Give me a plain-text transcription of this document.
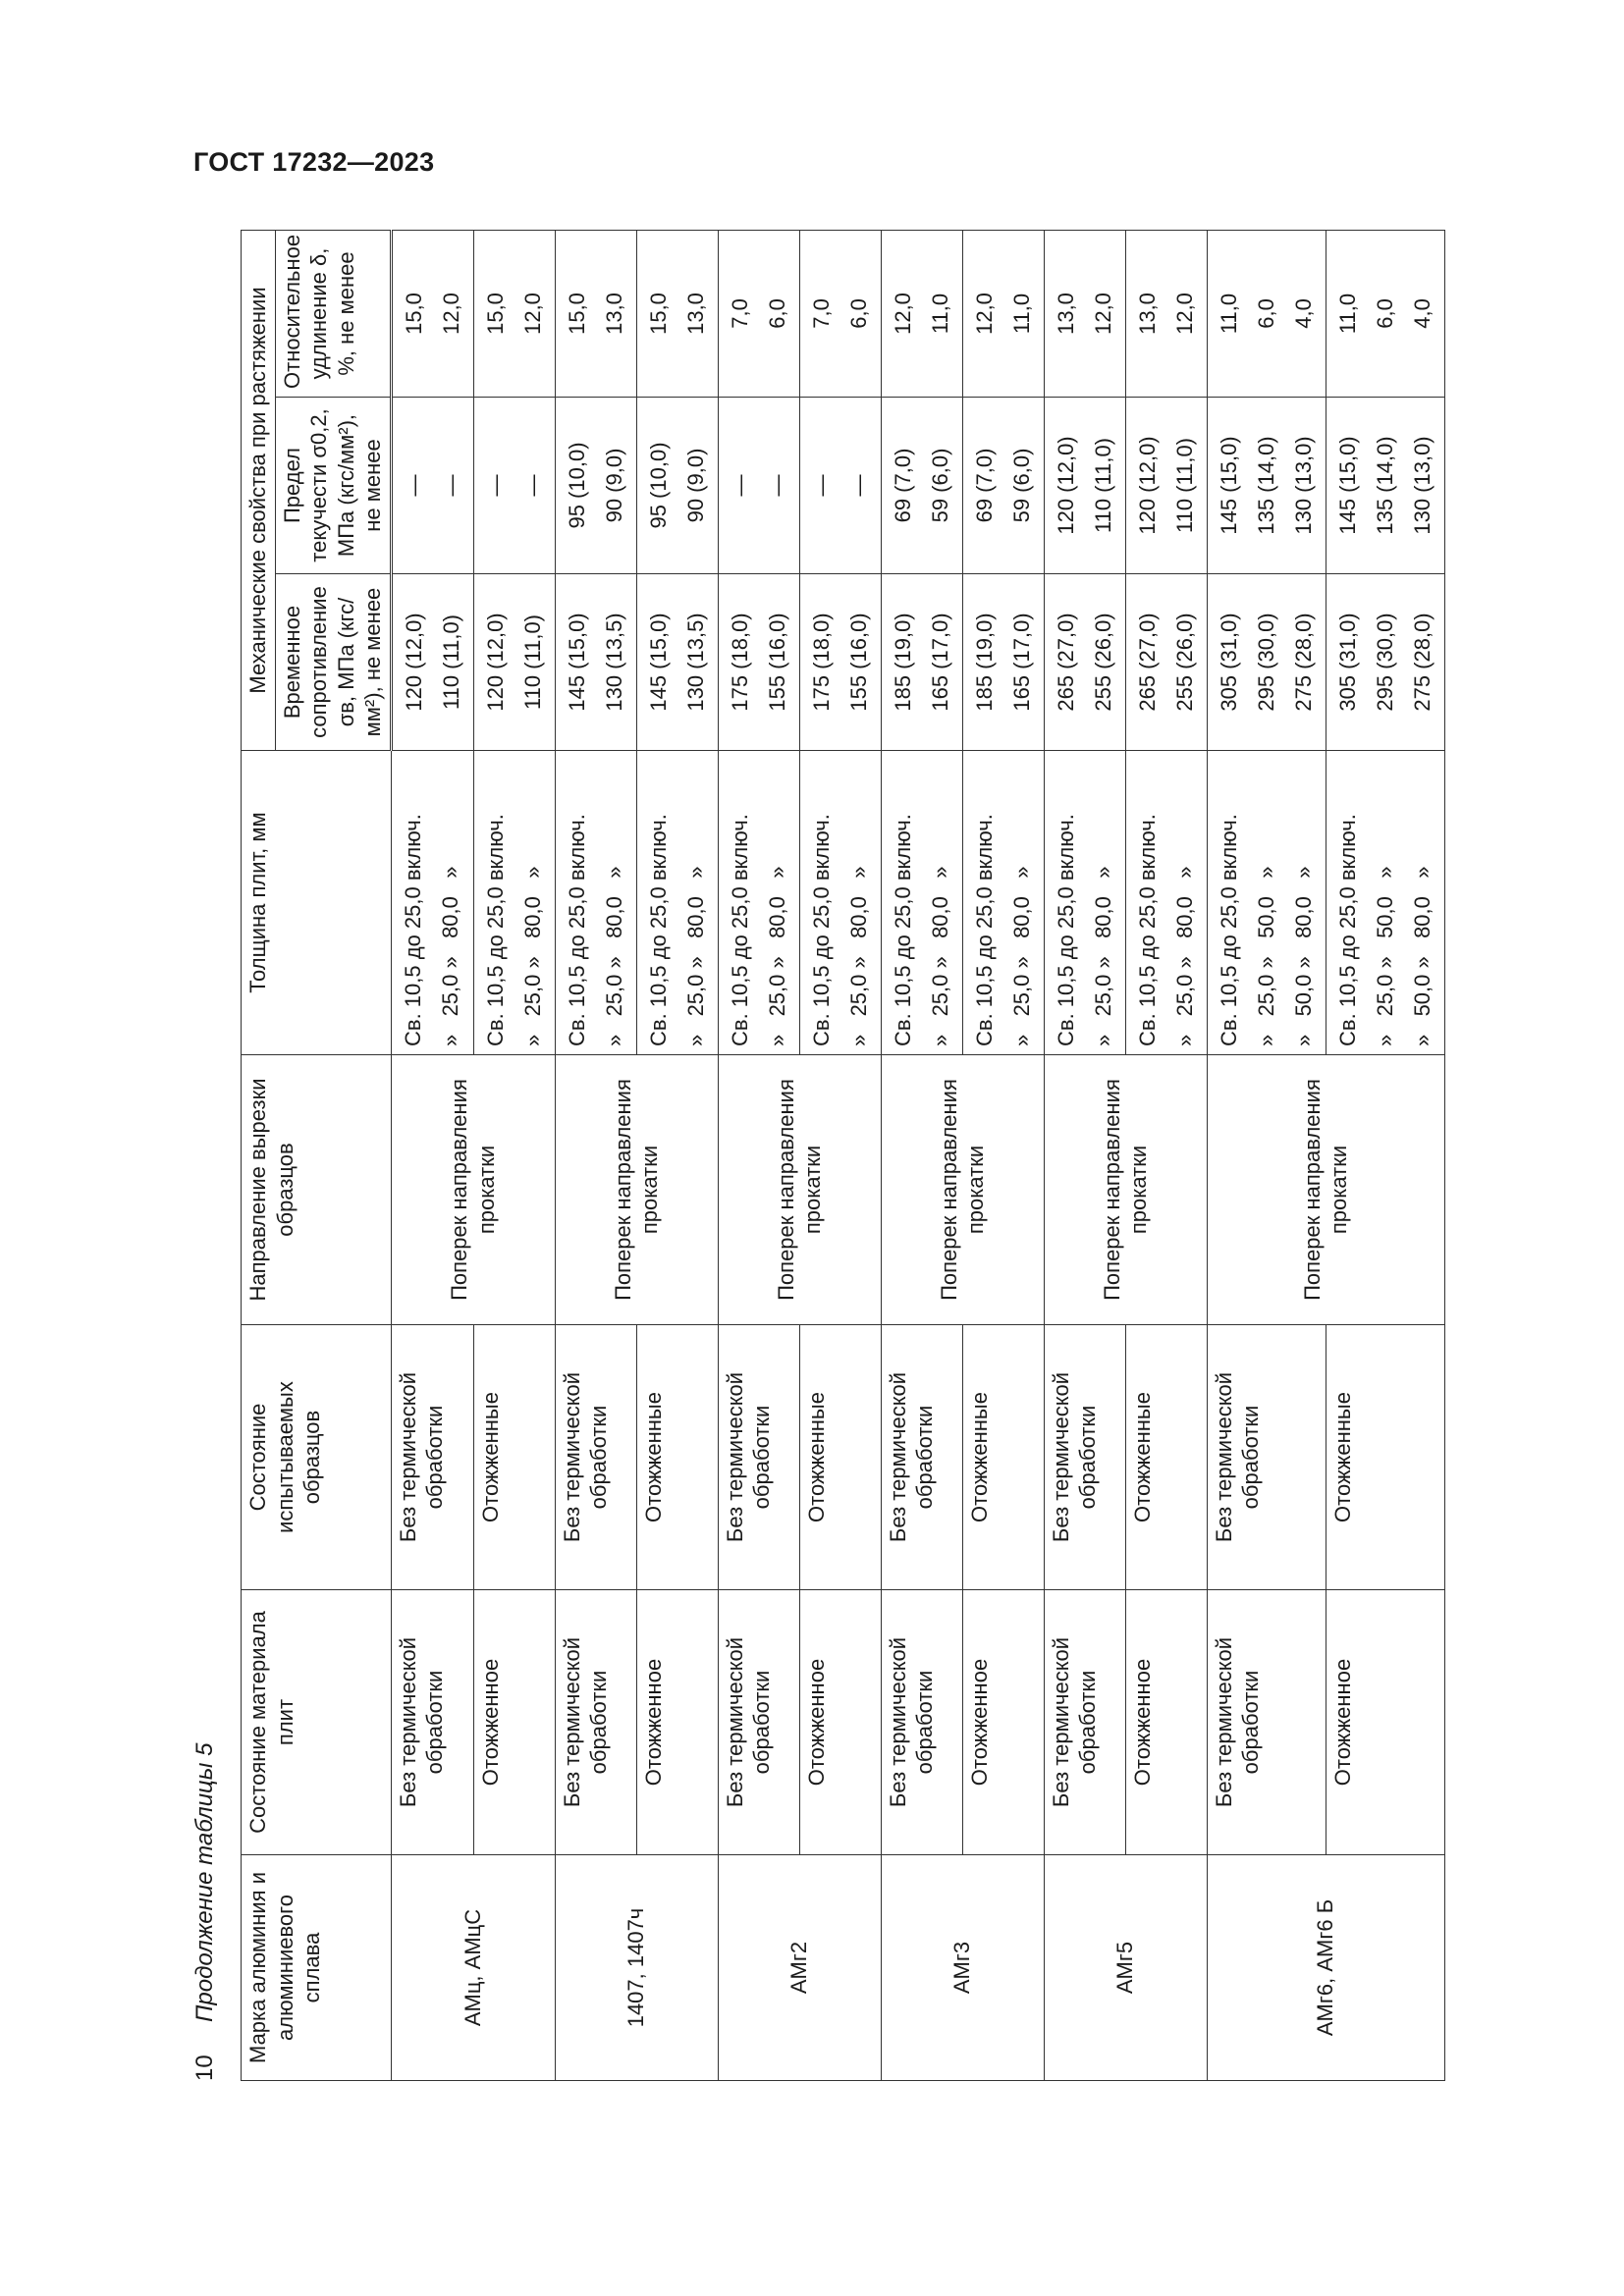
ГОСТ 17232—2023
10
Продолжение таблицы 5 Марка алюминия и алюминиевого сплава	Состояние материала плит	Состояние испытываемых образцов	Направление вырезки образцов	Толщина плит, мм	Механические свойства при растяжении		
					Временное сопротивление σв, МПа (кгс/мм²), не менее	Предел текучести σ0,2, МПа (кгс/мм²), не менее	Относительное удлинение δ, %, не менее
АМц, АМцС	Без термической обработки	Без термической обработки	Поперек направления прокатки	Св. 10,5 до 25,0 включ. »   25,0 »   80,0   »	120 (12,0) 110 (11,0)	— —	15,0 12,0

	Отожженное	Отожженные		Св. 10,5 до 25,0 включ. »   25,0 »   80,0   »	120 (12,0) 110 (11,0)	— —	15,0 12,0

1407, 1407ч	Без термической обработки	Без термической обработки	Поперек направления прокатки	Св. 10,5 до 25,0 включ. »   25,0 »   80,0   »	145 (15,0) 130 (13,5)	95 (10,0) 90 (9,0)	15,0 13,0

	Отожженное	Отожженные		Св. 10,5 до 25,0 включ. »   25,0 »   80,0   »	145 (15,0) 130 (13,5)	95 (10,0) 90 (9,0)	15,0 13,0

АМг2	Без термической обработки	Без термической обработки	Поперек направления прокатки	Св. 10,5 до 25,0 включ. »   25,0 »   80,0   »	175 (18,0) 155 (16,0)	— —	7,0 6,0

	Отожженное	Отожженные		Св. 10,5 до 25,0 включ. »   25,0 »   80,0   »	175 (18,0) 155 (16,0)	— —	7,0 6,0

АМг3	Без термической обработки	Без термической обработки	Поперек направления прокатки	Св. 10,5 до 25,0 включ. »   25,0 »   80,0   »	185 (19,0) 165 (17,0)	69 (7,0) 59 (6,0)	12,0 11,0

	Отожженное	Отожженные		Св. 10,5 до 25,0 включ. »   25,0 »   80,0   »	185 (19,0) 165 (17,0)	69 (7,0) 59 (6,0)	12,0 11,0

АМг5	Без термической обработки	Без термической обработки	Поперек направления прокатки	Св. 10,5 до 25,0 включ. »   25,0 »   80,0   »	265 (27,0) 255 (26,0)	120 (12,0) 110 (11,0)	13,0 12,0

	Отожженное	Отожженные		Св. 10,5 до 25,0 включ. »   25,0 »   80,0   »	265 (27,0) 255 (26,0)	120 (12,0) 110 (11,0)	13,0 12,0

АМг6, АМг6 Б	Без термической обработки	Без термической обработки	Поперек направления прокатки	Св. 10,5 до 25,0 включ. »   25,0 »   50,0   » »   50,0 »   80,0   »	305 (31,0) 295 (30,0) 275 (28,0)	145 (15,0) 135 (14,0) 130 (13,0)	11,0 6,0 4,0

	Отожженное	Отожженные		Св. 10,5 до 25,0 включ. »   25,0 »   50,0   » »   50,0 »   80,0   »	305 (31,0) 295 (30,0) 275 (28,0)	145 (15,0) 135 (14,0) 130 (13,0)	11,0 6,0 4,0
